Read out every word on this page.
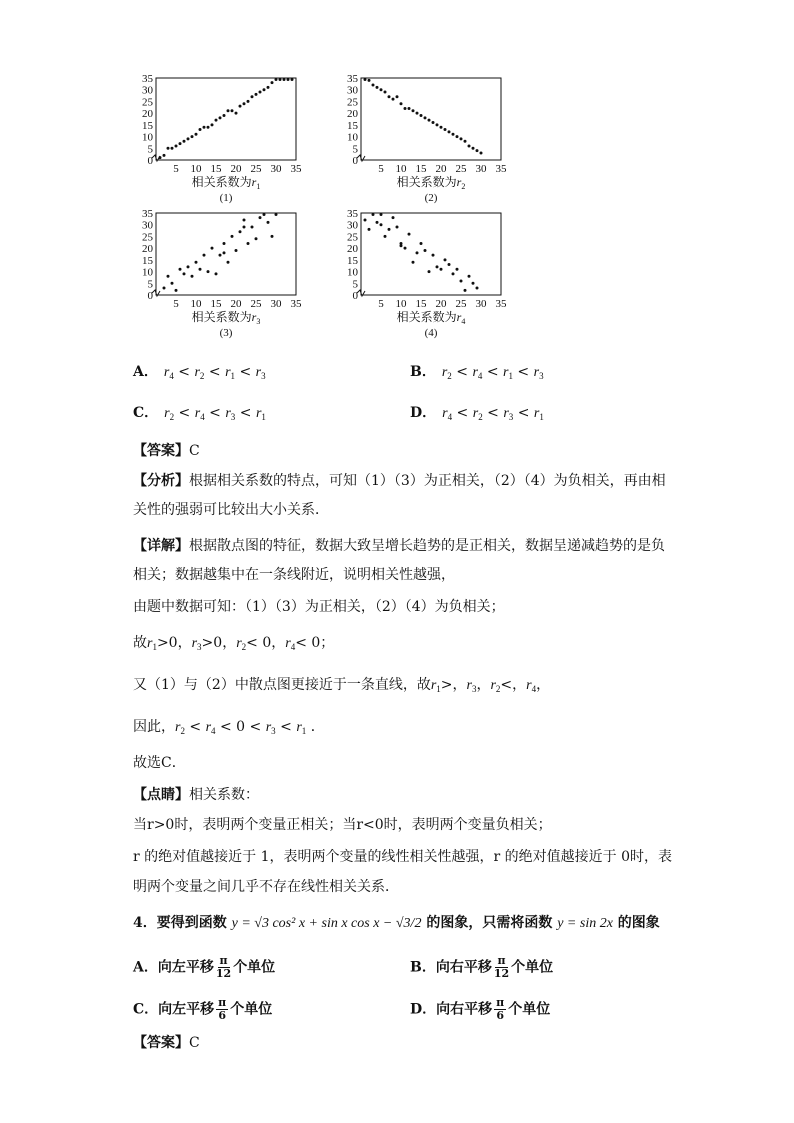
0
5
10
15
20
25
30
35
5 10 15 20 25 30 35
相关系数为$r_1$
(1)
0
5
10
15
20
25
30
35
5 10 15 20 25 30 35
相关系数为$r_2$
(2)
0
5
10
15
20
25
30
35
5 10 15 20 25 30 35
相关系数为$r_3$
(3)
0
5
10
15
20
25
30
35
5 10 15 20 25 30 35
相关系数为$r_4$
(4)
A． $r_4 < r_2 < r_1 < r_3$	B． $r_2 < r_4 < r_1 < r_3$
C． $r_2 < r_4 < r_3 < r_1$	D． $r_4 < r_2 < r_3 < r_1$
【答案】C
【分析】根据相关系数的特点，可知（1）（3）为正相关，（2）（4）为负相关，再由相
关性的强弱可比较出大小关系．
【详解】根据散点图的特征，数据大致呈增长趋势的是正相关，数据呈递减趋势的是负
相关；数据越集中在一条线附近，说明相关性越强，
由题中数据可知：（1）（3）为正相关，（2）（4）为负相关；
故$r_1>0$，$r_3>0$，$r_2< 0$，$r_4< 0$；
又（1）与（2）中散点图更接近于一条直线，故$r_1>$，$r_3$，$r_2<$，$r_4$，
因此，$r_2 < r_4 < 0 < r_3 < r_1$ ．
故选C．
【点睛】相关系数：
当r>0时，表明两个变量正相关；当r<0时，表明两个变量负相关；
r 的绝对值越接近于 1，表明两个变量的线性相关性越强，r 的绝对值越接近于 0时，表
明两个变量之间几乎不存在线性相关关系．
4．要得到函数 y = √3 cos² x + sin x cos x − √3/2 的图象，只需将函数 y = sin 2x 的图象
A．向左平移 $\frac{\pi}{12}$ 个单位	B．向右平移 $\frac{\pi}{12}$ 个单位
C．向左平移 $\frac{\pi}{6}$ 个单位	D．向右平移 $\frac{\pi}{6}$ 个单位
【答案】C
